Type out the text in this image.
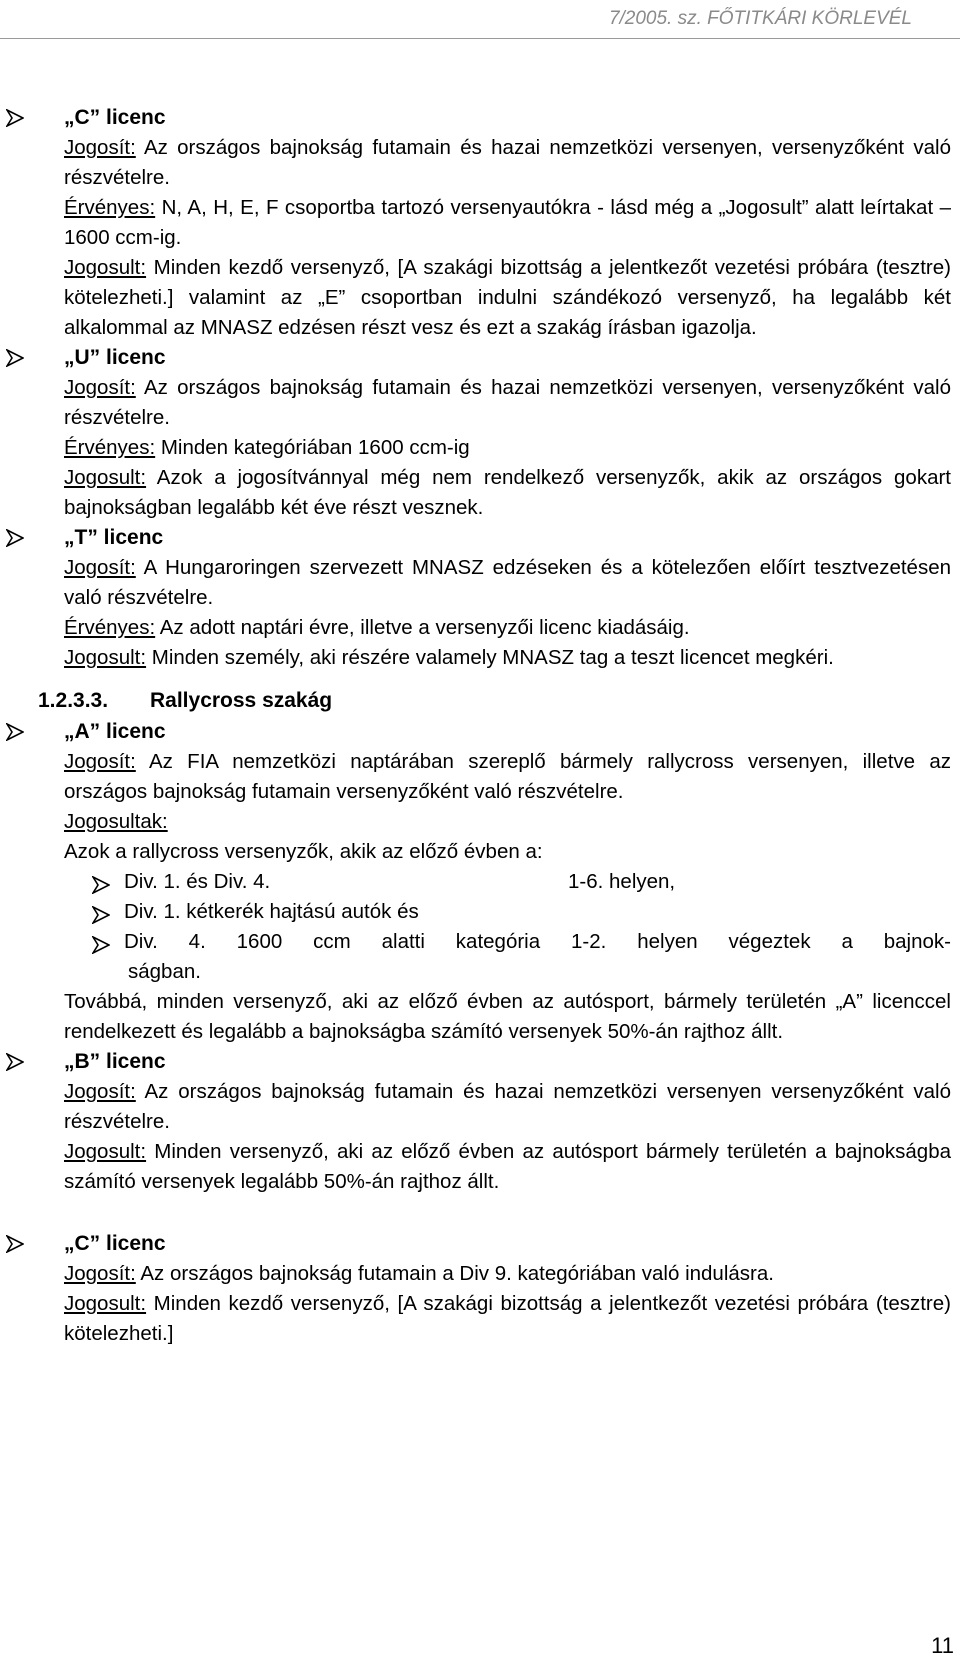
7/2005. sz. FŐTITKÁRI KÖRLEVÉL
„C” licenc
Jogosít: Az országos bajnokság futamain és hazai nemzetközi versenyen, versenyzőként való részvételre.
Érvényes: N, A, H, E, F csoportba tartozó versenyautókra - lásd még a „Jogosult” alatt leírtakat – 1600 ccm-ig.
Jogosult: Minden kezdő versenyző, [A szakági bizottság a jelentkezőt vezetési próbára (tesztre) kötelezheti.] valamint az „E” csoportban indulni szándékozó versenyző, ha legalább két alkalommal az MNASZ edzésen részt vesz és ezt a szakág írásban igazolja.
„U” licenc
Jogosít: Az országos bajnokság futamain és hazai nemzetközi versenyen, versenyzőként való részvételre.
Érvényes: Minden kategóriában 1600 ccm-ig
Jogosult: Azok a jogosítvánnyal még nem rendelkező versenyzők, akik az országos gokart bajnokságban legalább két éve részt vesznek.
„T” licenc
Jogosít: A Hungaroringen szervezett MNASZ edzéseken és a kötelezően előírt tesztvezetésen való részvételre.
Érvényes: Az adott naptári évre, illetve a versenyzői licenc kiadásáig.
Jogosult: Minden személy, aki részére valamely MNASZ tag a teszt licencet megkéri.
1.2.3.3. Rallycross szakág
„A” licenc
Jogosít: Az FIA nemzetközi naptárában szereplő bármely rallycross versenyen, illetve az országos bajnokság futamain versenyzőként való részvételre.
Jogosultak:
Azok a rallycross versenyzők, akik az előző évben a:
Div. 1. és Div. 4.	1-6. helyen,
Div. 1. kétkerék hajtású autók és
Div. 4. 1600 ccm alatti kategória 1-2. helyen végeztek a bajnok-
ságban.
Továbbá, minden versenyző, aki az előző évben az autósport, bármely területén „A” licenccel rendelkezett és legalább a bajnokságba számító versenyek 50%-án rajthoz állt.
„B” licenc
Jogosít: Az országos bajnokság futamain és hazai nemzetközi versenyen versenyzőként való részvételre.
Jogosult: Minden versenyző, aki az előző évben az autósport bármely területén a bajnokságba számító versenyek legalább 50%-án rajthoz állt.
„C” licenc
Jogosít: Az országos bajnokság futamain a Div 9. kategóriában való indulásra.
Jogosult: Minden kezdő versenyző, [A szakági bizottság a jelentkezőt vezetési próbára (tesztre) kötelezheti.]
11
